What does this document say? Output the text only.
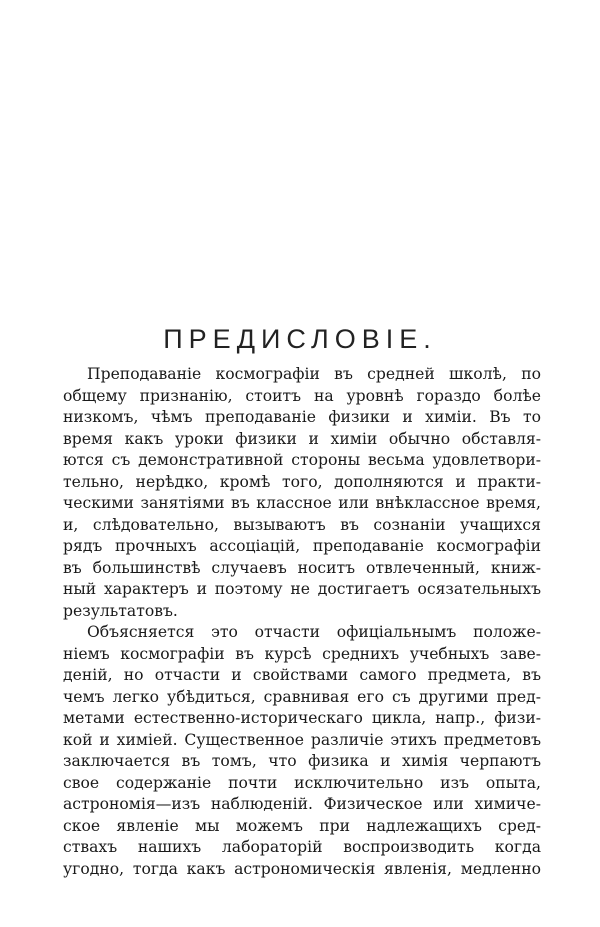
ПРЕДИСЛОВІЕ.
Преподаванie космографiи въ средней школѣ, по
общему признанiю, стоитъ на уровнѣ гораздо болѣе
низкомъ, чѣмъ преподаванie физики и химiи. Въ то
время какъ уроки физики и химiи обычно обставля-
ются съ демонстративной стороны весьма удовлетвори-
тельно, нерѣдко, кромѣ того, дополняются и практи-
ческими занятiями въ классное или внѣклассное время,
и, слѣдовательно, вызываютъ въ сознанiи учащихся
рядъ прочныхъ ассоцiацiй, преподаванie космографiи
въ большинствѣ случаевъ носитъ отвлеченный, книж-
ный характеръ и поэтому не достигаетъ осязательныхъ
результатовъ.
Объясняется это отчасти офицiальнымъ положе-
нiемъ космографiи въ курсѣ среднихъ учебныхъ заве-
денiй, но отчасти и свойствами самого предмета, въ
чемъ легко убѣдиться, сравнивая его съ другими пред-
метами естественно-историческаго цикла, напр., физи-
кой и химiей. Существенное различie этихъ предметовъ
заключается въ томъ, что физика и химiя черпаютъ
свое содержанie почти исключительно изъ опыта,
астрономiя—изъ наблюденiй. Физическое или химиче-
ское явленie мы можемъ при надлежащихъ сред-
ствахъ нашихъ лабораторiй воспроизводить когда
угодно, тогда какъ астрономическiя явленiя, медленно
